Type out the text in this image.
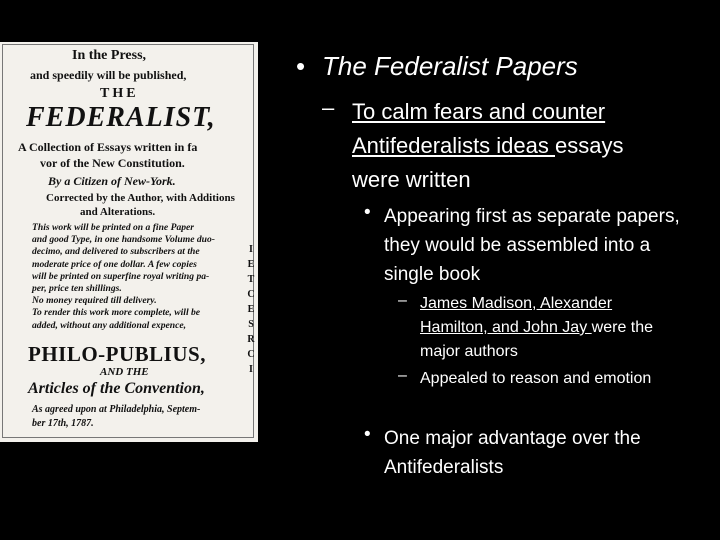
In the Press,
and speedily will be published,
THE
FEDERALIST,
A Collection of Essays written in fa
vor of the New Constitution.
By a Citizen of New-York.
Corrected by the Author, with Additions
and Alterations.
This work will be printed on a fine Paper
and good Type, in one handsome Volume duo-
decimo, and delivered to subscribers at the
moderate price of one dollar. A few copies
will be printed on superfine royal writing pa-
per, price ten shillings.
No money required till delivery.
To render this work more complete, will be
added, without any additional expence,
PHILO-PUBLIUS,
AND THE
Articles of the Convention,
As agreed upon at Philadelphia, Septem-
ber 17th, 1787.
I E T C E S R C I
• The Federalist Papers
– To calm fears and counter Antifederalists ideas essays were written
• Appearing first as separate papers, they would be assembled into a single book
– James Madison, Alexander Hamilton, and John Jay were the major authors
– Appealed to reason and emotion
• One major advantage over the Antifederalists
